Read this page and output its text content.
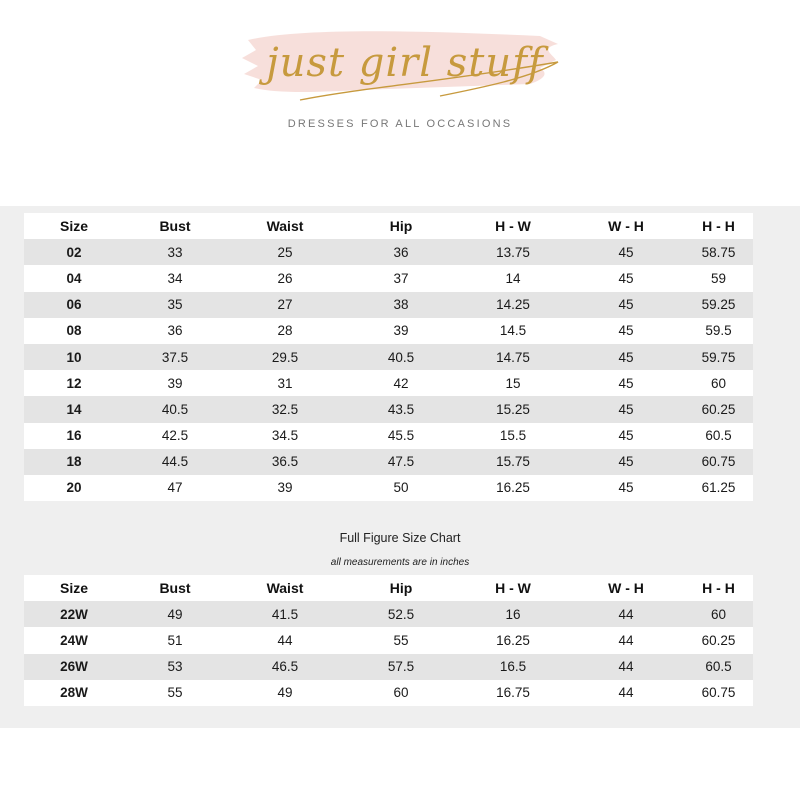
just girl stuff
DRESSES FOR ALL OCCASIONS
Size	Bust	Waist	Hip	H - W	W - H	H - H
02	33	25	36	13.75	45	58.75
04	34	26	37	14	45	59
06	35	27	38	14.25	45	59.25
08	36	28	39	14.5	45	59.5
10	37.5	29.5	40.5	14.75	45	59.75
12	39	31	42	15	45	60
14	40.5	32.5	43.5	15.25	45	60.25
16	42.5	34.5	45.5	15.5	45	60.5
18	44.5	36.5	47.5	15.75	45	60.75
20	47	39	50	16.25	45	61.25
Full Figure Size Chart
all measurements are in inches
Size	Bust	Waist	Hip	H - W	W - H	H - H
22W	49	41.5	52.5	16	44	60
24W	51	44	55	16.25	44	60.25
26W	53	46.5	57.5	16.5	44	60.5
28W	55	49	60	16.75	44	60.75
